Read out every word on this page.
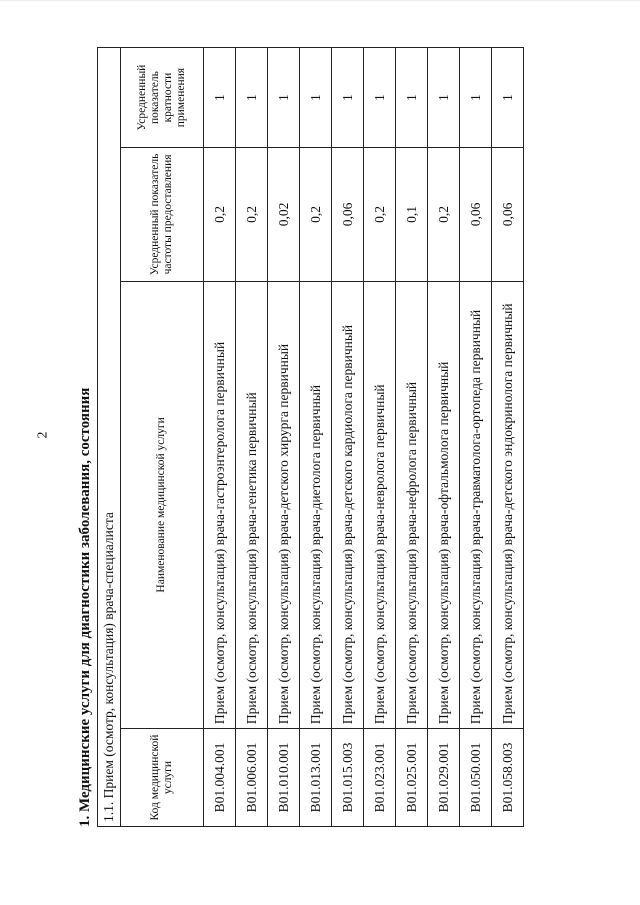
2 1. Медицинские услуги для диагностики заболевания, состояния 1.1. Прием (осмотр, консультация) врача-специалиста			
Код медицинской услуги	Наименование медицинской услуги	Усредненный показатель частоты предоставления	Усредненный показатель кратности применения
B01.004.001	Прием (осмотр, консультация) врача-гастроэнтеролога первичный	0,2	1
B01.006.001	Прием (осмотр, консультация) врача-генетика первичный	0,2	1
B01.010.001	Прием (осмотр, консультация) врача-детского хирурга первичный	0,02	1
B01.013.001	Прием (осмотр, консультация) врача-диетолога первичный	0,2	1
B01.015.003	Прием (осмотр, консультация) врача-детского кардиолога первичный	0,06	1
B01.023.001	Прием (осмотр, консультация) врача-невролога первичный	0,2	1
B01.025.001	Прием (осмотр, консультация) врача-нефролога первичный	0,1	1
B01.029.001	Прием (осмотр, консультация) врача-офтальмолога первичный	0,2	1
B01.050.001	Прием (осмотр, консультация) врача-травматолога-ортопеда первичный	0,06	1
B01.058.003	Прием (осмотр, консультация) врача-детского эндокринолога первичный	0,06	1
